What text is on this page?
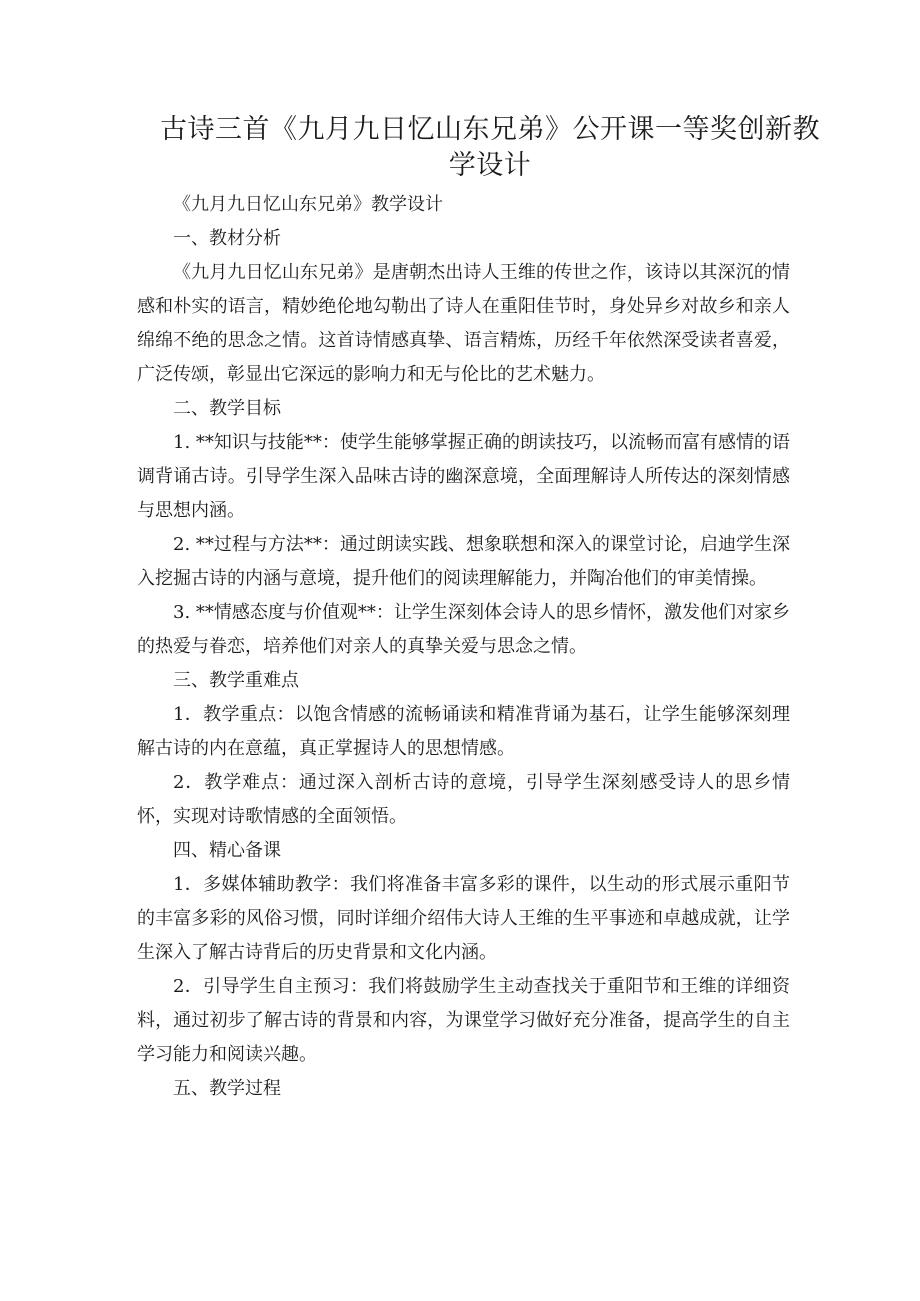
古诗三首《九月九日忆山东兄弟》公开课一等奖创新教学设计

《九月九日忆山东兄弟》教学设计

一、教材分析

《九月九日忆山东兄弟》是唐朝杰出诗人王维的传世之作，该诗以其深沉的情感和朴实的语言，精妙绝伦地勾勒出了诗人在重阳佳节时，身处异乡对故乡和亲人绵绵不绝的思念之情。这首诗情感真挚、语言精炼，历经千年依然深受读者喜爱，广泛传颂，彰显出它深远的影响力和无与伦比的艺术魅力。

二、教学目标

1. **知识与技能**：使学生能够掌握正确的朗读技巧，以流畅而富有感情的语调背诵古诗。引导学生深入品味古诗的幽深意境，全面理解诗人所传达的深刻情感与思想内涵。

2. **过程与方法**：通过朗读实践、想象联想和深入的课堂讨论，启迪学生深入挖掘古诗的内涵与意境，提升他们的阅读理解能力，并陶冶他们的审美情操。

3. **情感态度与价值观**：让学生深刻体会诗人的思乡情怀，激发他们对家乡的热爱与眷恋，培养他们对亲人的真挚关爱与思念之情。

三、教学重难点

1．教学重点：以饱含情感的流畅诵读和精准背诵为基石，让学生能够深刻理解古诗的内在意蕴，真正掌握诗人的思想情感。

2．教学难点：通过深入剖析古诗的意境，引导学生深刻感受诗人的思乡情怀，实现对诗歌情感的全面领悟。

四、精心备课

1．多媒体辅助教学：我们将准备丰富多彩的课件，以生动的形式展示重阳节的丰富多彩的风俗习惯，同时详细介绍伟大诗人王维的生平事迹和卓越成就，让学生深入了解古诗背后的历史背景和文化内涵。

2．引导学生自主预习：我们将鼓励学生主动查找关于重阳节和王维的详细资料，通过初步了解古诗的背景和内容，为课堂学习做好充分准备，提高学生的自主学习能力和阅读兴趣。

五、教学过程
